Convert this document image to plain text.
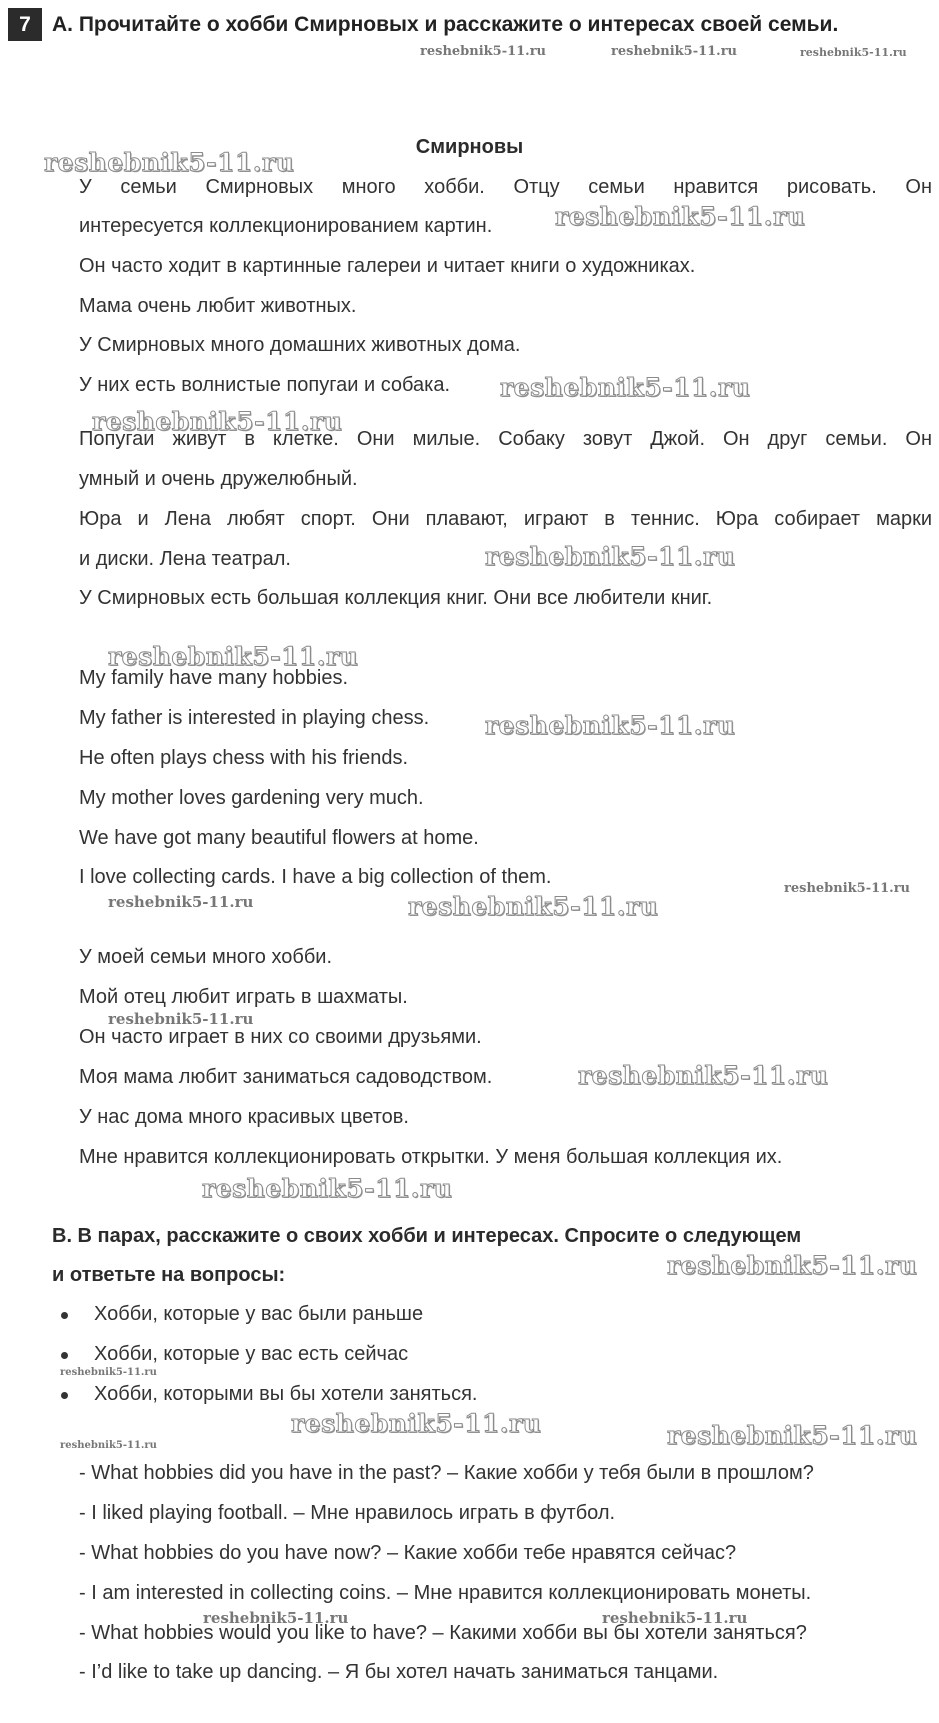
7	А. Прочитайте о хобби Смирновых и расскажите о интересах своей семьи.
Смирновы
У семьи Смирновых много хобби. Отцу семьи нравится рисовать. Он
интересуется коллекционированием картин.
Он часто ходит в картинные галереи и читает книги о художниках.
Мама очень любит животных.
У Смирновых много домашних животных дома.
У них есть волнистые попугаи и собака.
Попугаи живут в клетке. Они милые. Собаку зовут Джой. Он друг семьи. Он
умный и очень дружелюбный.
Юра и Лена любят спорт. Они плавают, играют в теннис. Юра собирает марки
и диски. Лена театрал.
У Смирновых есть большая коллекция книг. Они все любители книг.
My family have many hobbies.
My father is interested in playing chess.
He often plays chess with his friends.
My mother loves gardening very much.
We have got many beautiful flowers at home.
I love collecting cards. I have a big collection of them.
У моей семьи много хобби.
Мой отец любит играть в шахматы.
Он часто играет в них со своими друзьями.
Моя мама любит заниматься садоводством.
У нас дома много красивых цветов.
Мне нравится коллекционировать открытки. У меня большая коллекция их.
В. В парах, расскажите о своих хобби и интересах. Спросите о следующем
и ответьте на вопросы:
Хобби, которые у вас были раньше
Хобби, которые у вас есть сейчас
Хобби, которыми вы бы хотели заняться.
- What hobbies did you have in the past? – Какие хобби у тебя были в прошлом?
- I liked playing football. – Мне нравилось играть в футбол.
- What hobbies do you have now? – Какие хобби тебе нравятся сейчас?
- I am interested in collecting coins. – Мне нравится коллекционировать монеты.
- What hobbies would you like to have? – Какими хобби вы бы хотели заняться?
- I’d like to take up dancing. – Я бы хотел начать заниматься танцами.
reshebnik5-11.ru	reshebnik5-11.ru	reshebnik5-11.ru
reshebnik5-11.ru
reshebnik5-11.ru
reshebnik5-11.ru
reshebnik5-11.ru
reshebnik5-11.ru
reshebnik5-11.ru
reshebnik5-11.ru
reshebnik5-11.ru
reshebnik5-11.ru	reshebnik5-11.ru
reshebnik5-11.ru
reshebnik5-11.ru
reshebnik5-11.ru
reshebnik5-11.ru
reshebnik5-11.ru
reshebnik5-11.ru
reshebnik5-11.ru	reshebnik5-11.ru
reshebnik5-11.ru	reshebnik5-11.ru
